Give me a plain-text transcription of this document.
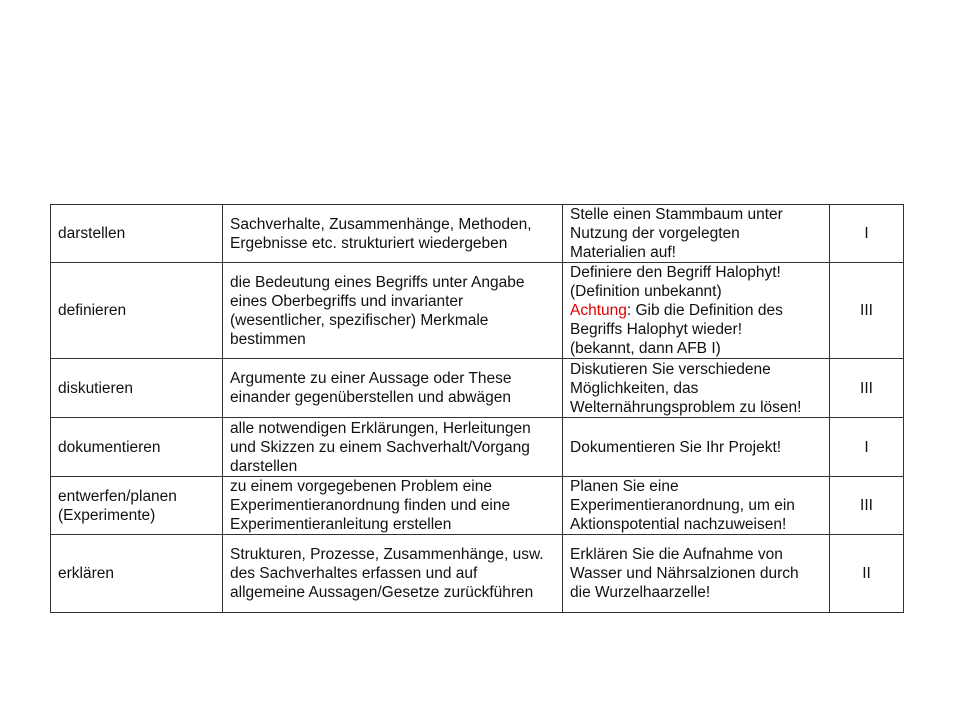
darstellen	Sachverhalte, Zusammenhänge, Methoden, Ergebnisse etc. strukturiert wiedergeben	Stelle einen Stammbaum unter
Nutzung der vorgelegten
Materialien auf!	I
definieren	die Bedeutung eines Begriffs unter Angabe eines Oberbegriffs und invarianter (wesentlicher, spezifischer) Merkmale bestimmen	Definiere den Begriff Halophyt!
(Definition unbekannt)
Achtung: Gib die Definition des
Begriffs Halophyt wieder!
(bekannt, dann AFB I)	III
diskutieren	Argumente zu einer Aussage oder These einander gegenüberstellen und abwägen	Diskutieren Sie verschiedene
Möglichkeiten, das
Welternährungsproblem zu lösen!	III
dokumentieren	alle notwendigen Erklärungen, Herleitungen und Skizzen zu einem Sachverhalt/Vorgang darstellen	Dokumentieren Sie Ihr Projekt!	I

entwerfen/planen
(Experimente)	zu einem vorgegebenen Problem eine Experimentieranordnung finden und eine Experimentieranleitung erstellen	Planen Sie eine
Experimentieranordnung, um ein
Aktionspotential nachzuweisen!	III
erklären	Strukturen, Prozesse, Zusammenhänge, usw. des Sachverhaltes erfassen und auf allgemeine Aussagen/Gesetze zurückführen	Erklären Sie die Aufnahme von
Wasser und Nährsalzionen durch
die Wurzelhaarzelle!	II
